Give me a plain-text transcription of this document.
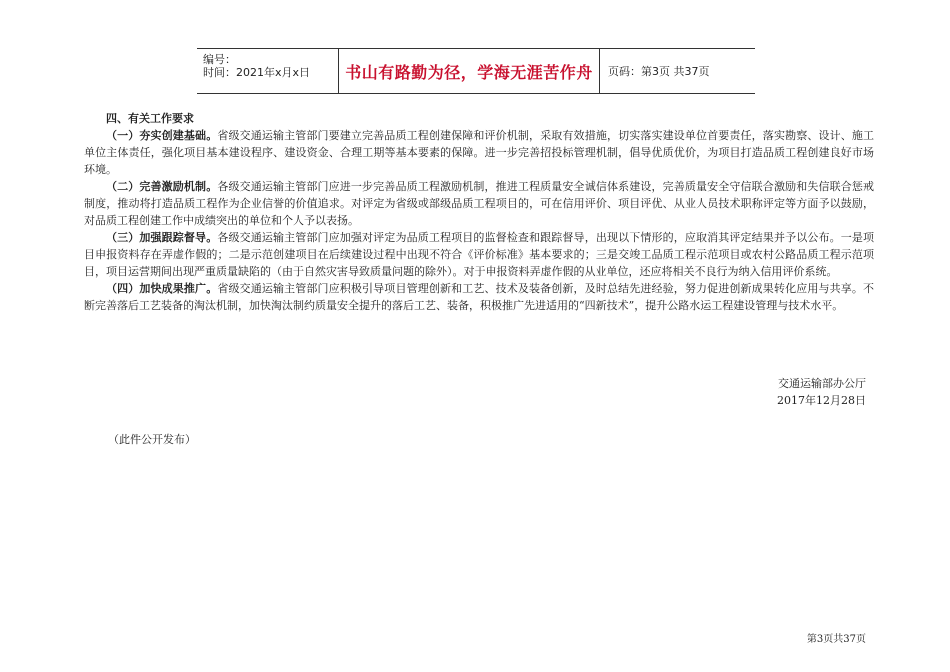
编号：
时间：2021年x月x日 书山有路勤为径，学海无涯苦作舟 页码：第3页 共37页
四、有关工作要求

（一）夯实创建基础。省级交通运输主管部门要建立完善品质工程创建保障和评价机制，采取有效措施，切实落实建设单位首要责任，落实勘察、设计、施工单位主体责任，强化项目基本建设程序、建设资金、合理工期等基本要素的保障。进一步完善招投标管理机制，倡导优质优价，为项目打造品质工程创建良好市场环境。

（二）完善激励机制。各级交通运输主管部门应进一步完善品质工程激励机制，推进工程质量安全诚信体系建设，完善质量安全守信联合激励和失信联合惩戒制度，推动将打造品质工程作为企业信誉的价值追求。对评定为省级或部级品质工程项目的，可在信用评价、项目评优、从业人员技术职称评定等方面予以鼓励，对品质工程创建工作中成绩突出的单位和个人予以表扬。

（三）加强跟踪督导。各级交通运输主管部门应加强对评定为品质工程项目的监督检查和跟踪督导，出现以下情形的，应取消其评定结果并予以公布。一是项目申报资料存在弄虚作假的；二是示范创建项目在后续建设过程中出现不符合《评价标准》基本要求的；三是交竣工品质工程示范项目或农村公路品质工程示范项目，项目运营期间出现严重质量缺陷的（由于自然灾害导致质量问题的除外）。对于申报资料弄虚作假的从业单位，还应将相关不良行为纳入信用评价系统。

（四）加快成果推广。省级交通运输主管部门应积极引导项目管理创新和工艺、技术及装备创新，及时总结先进经验，努力促进创新成果转化应用与共享。不断完善落后工艺装备的淘汰机制，加快淘汰制约质量安全提升的落后工艺、装备，积极推广先进适用的“四新技术”，提升公路水运工程建设管理与技术水平。

交通运输部办公厅
2017年12月28日
（此件公开发布）
第3页共37页
